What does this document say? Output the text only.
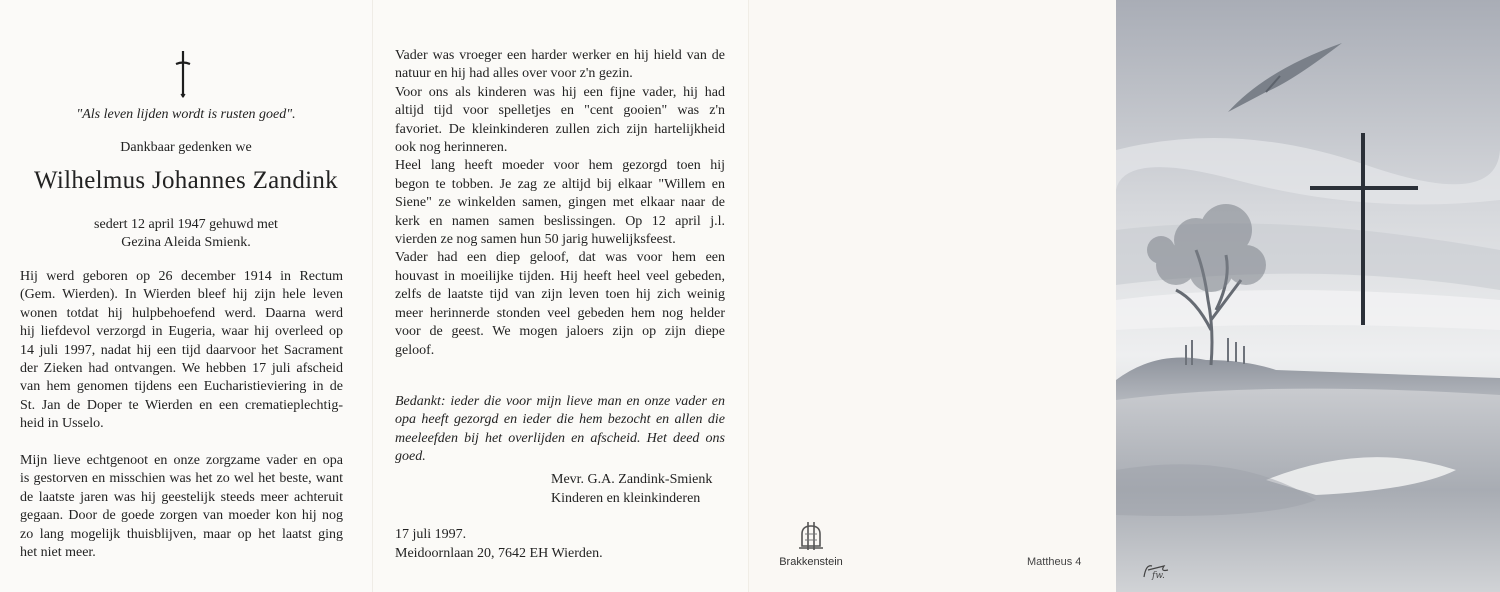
"Als leven lijden wordt is rusten goed".
Dankbaar gedenken we
Wilhelmus Johannes Zandink
sedert 12 april 1947 gehuwd met
Gezina Aleida Smienk.
Hij werd geboren op 26 december 1914 in Rectum
(Gem. Wierden). In Wierden bleef hij zijn hele leven
wonen totdat hij hulpbehoefend werd. Daarna werd
hij liefdevol verzorgd in Eugeria, waar hij overleed op
14 juli 1997, nadat hij een tijd daarvoor het Sacrament
der Zieken had ontvangen. We hebben 17 juli afscheid
van hem genomen tijdens een Eucharistieviering in de
St. Jan de Doper te Wierden en een crematieplechtig-
heid in Usselo.
Mijn lieve echtgenoot en onze zorgzame vader en opa
is gestorven en misschien was het zo wel het beste, want
de laatste jaren was hij geestelijk steeds meer achteruit
gegaan. Door de goede zorgen van moeder kon hij nog
zo lang mogelijk thuisblijven, maar op het laatst ging
het niet meer.
Vader was vroeger een harder werker en hij hield van de
natuur en hij had alles over voor z'n gezin.
Voor ons als kinderen was hij een fijne vader, hij had
altijd tijd voor spelletjes en "cent gooien" was z'n
favoriet. De kleinkinderen zullen zich zijn hartelijkheid
ook nog herinneren.
Heel lang heeft moeder voor hem gezorgd toen hij
begon te tobben. Je zag ze altijd bij elkaar "Willem en
Siene" ze winkelden samen, gingen met elkaar naar de
kerk en namen samen beslissingen. Op 12 april j.l.
vierden ze nog samen hun 50 jarig huwelijksfeest.
Vader had een diep geloof, dat was voor hem een
houvast in moeilijke tijden. Hij heeft heel veel gebeden,
zelfs de laatste tijd van zijn leven toen hij zich weinig
meer herinnerde stonden veel gebeden hem nog helder
voor de geest. We mogen jaloers zijn op zijn diepe
geloof.
Bedankt: ieder die voor mijn lieve man en onze vader en
opa heeft gezorgd en ieder die hem bezocht en allen die
meeleefden bij het overlijden en afscheid. Het deed ons goed.
Mevr. G.A. Zandink-Smienk
Kinderen en kleinkinderen
17 juli 1997.
Meidoornlaan 20, 7642 EH Wierden.
Brakkenstein	Mattheus 4
fw.
